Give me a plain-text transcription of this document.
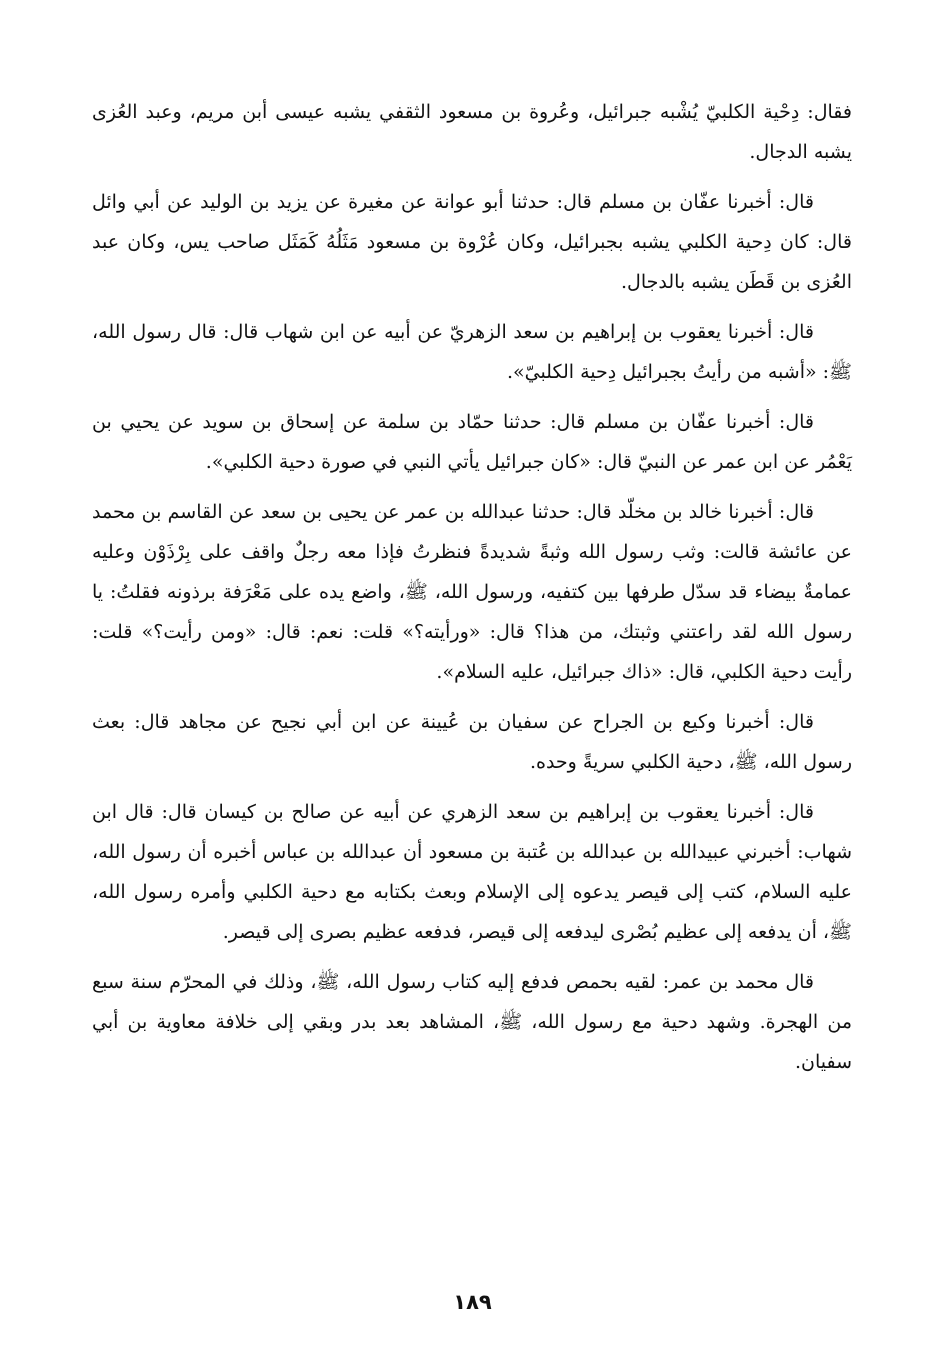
فقال: دِحْية الكلبيّ يُشْبه جبرائيل، وعُروة بن مسعود الثقفي يشبه عيسى أبن مريم، وعبد العُزى يشبه الدجال.

قال: أخبرنا عفّان بن مسلم قال: حدثنا أبو عوانة عن مغيرة عن يزيد بن الوليد عن أبي وائل قال: كان دِحية الكلبي يشبه بجبرائيل، وكان عُرْوة بن مسعود مَثَلُهُ كَمَثَل صاحب يس، وكان عبد العُزى بن قَطَن يشبه بالدجال.

قال: أخبرنا يعقوب بن إبراهيم بن سعد الزهريّ عن أبيه عن ابن شهاب قال: قال رسول الله، ﷺ: «أشبه من رأيتُ بجبرائيل دِحية الكلبيّ».

قال: أخبرنا عفّان بن مسلم قال: حدثنا حمّاد بن سلمة عن إسحاق بن سويد عن يحيي بن يَعْمُر عن ابن عمر عن النبيّ قال: «كان جبرائيل يأتي النبي في صورة دحية الكلبي».

قال: أخبرنا خالد بن مخلّد قال: حدثنا عبدالله بن عمر عن يحيى بن سعد عن القاسم بن محمد عن عائشة قالت: وثب رسول الله وثبةً شديدةً فنظرتُ فإذا معه رجلٌ واقف على بِرْذَوْن وعليه عمامةٌ بيضاء قد سدّل طرفها بين كتفيه، ورسول الله، ﷺ، واضع يده على مَعْرَفة برذونه فقلتُ: يا رسول الله لقد راعتني وثبتك، من هذا؟ قال: «ورأيته؟» قلت: نعم: قال: «ومن رأيت؟» قلت: رأيت دحية الكلبي، قال: «ذاك جبرائيل، عليه السلام».

قال: أخبرنا وكيع بن الجراح عن سفيان بن عُيينة عن ابن أبي نجيح عن مجاهد قال: بعث رسول الله، ﷺ، دحية الكلبي سريةً وحده.

قال: أخبرنا يعقوب بن إبراهيم بن سعد الزهري عن أبيه عن صالح بن كيسان قال: قال ابن شهاب: أخبرني عبيدالله بن عبدالله بن عُتبة بن مسعود أن عبدالله بن عباس أخبره أن رسول الله، عليه السلام، كتب إلى قيصر يدعوه إلى الإسلام وبعث بكتابه مع دحية الكلبي وأمره رسول الله، ﷺ، أن يدفعه إلى عظيم بُصْرى ليدفعه إلى قيصر، فدفعه عظيم بصرى إلى قيصر.

قال محمد بن عمر: لقيه بحمص فدفع إليه كتاب رسول الله، ﷺ، وذلك في المحرّم سنة سبع من الهجرة. وشهد دحية مع رسول الله، ﷺ، المشاهد بعد بدر وبقي إلى خلافة معاوية بن أبي سفيان.

١٨٩
